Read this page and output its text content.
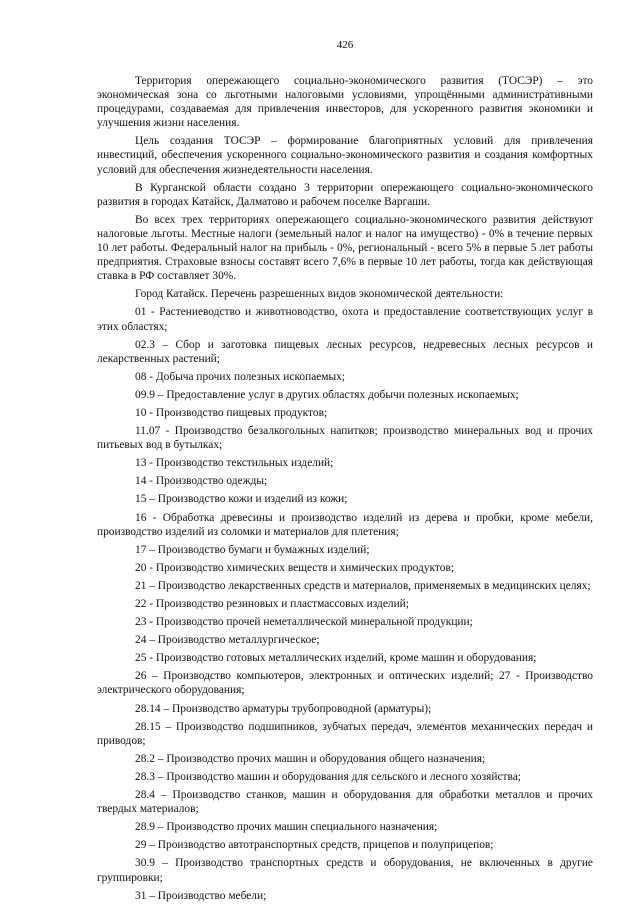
426

Территория опережающего социально-экономического развития (ТОСЭР) – это экономическая зона со льготными налоговыми условиями, упрощёнными административными процедурами, создаваемая для привлечения инвесторов, для ускоренного развития экономики и улучшения жизни населения.

Цель создания ТОСЭР – формирование благоприятных условий для привлечения инвестиций, обеспечения ускоренного социально-экономического развития и создания комфортных условий для обеспечения жизнедеятельности населения.

В Курганской области создано 3 территории опережающего социально-экономического развития в городах Катайск, Далматово и рабочем поселке Варгаши.

Во всех трех территориях опережающего социально-экономического развития действуют налоговые льготы. Местные налоги (земельный налог и налог на имущество) - 0% в течение первых 10 лет работы. Федеральный налог на прибыль - 0%, региональный - всего 5% в первые 5 лет работы предприятия. Страховые взносы составят всего 7,6% в первые 10 лет работы, тогда как действующая ставка в РФ составляет 30%.

Город Катайск. Перечень разрешенных видов экономической деятельности:

01 - Растениеводство и животноводство, охота и предоставление соответствующих услуг в этих областях;

02.3 – Сбор и заготовка пищевых лесных ресурсов, недревесных лесных ресурсов и лекарственных растений;

08 - Добыча прочих полезных ископаемых;

09.9 – Предоставление услуг в других областях добычи полезных ископаемых;

10 - Производство пищевых продуктов;

11.07 - Производство безалкогольных напитков; производство минеральных вод и прочих питьевых вод в бутылках;

13 - Производство текстильных изделий;

14 - Производство одежды;

15 – Производство кожи и изделий из кожи;

16 - Обработка древесины и производство изделий из дерева и пробки, кроме мебели, производство изделий из соломки и материалов для плетения;

17 – Производство бумаги и бумажных изделий;

20 - Производство химических веществ и химических продуктов;

21 – Производство лекарственных средств и материалов, применяемых в медицинских целях;

22 - Производство резиновых и пластмассовых изделий;

23 - Производство прочей неметаллической минеральной продукции;

24 – Производство металлургическое;

25 - Производство готовых металлических изделий, кроме машин и оборудования;

26 – Производство компьютеров, электронных и оптических изделий; 27 - Производство электрического оборудования;

28.14 – Производство арматуры трубопроводной (арматуры);

28.15 – Производство подшипников, зубчатых передач, элементов механических передач и приводов;

28.2 – Производство прочих машин и оборудования общего назначения;

28.3 – Производство машин и оборудования для сельского и лесного хозяйства;

28.4 – Производство станков, машин и оборудования для обработки металлов и прочих твердых материалов;

28.9 – Производство прочих машин специального назначения;

29 – Производство автотранспортных средств, прицепов и полуприцепов;

30.9 – Производство транспортных средств и оборудования, не включенных в другие группировки;

31 – Производство мебели;
